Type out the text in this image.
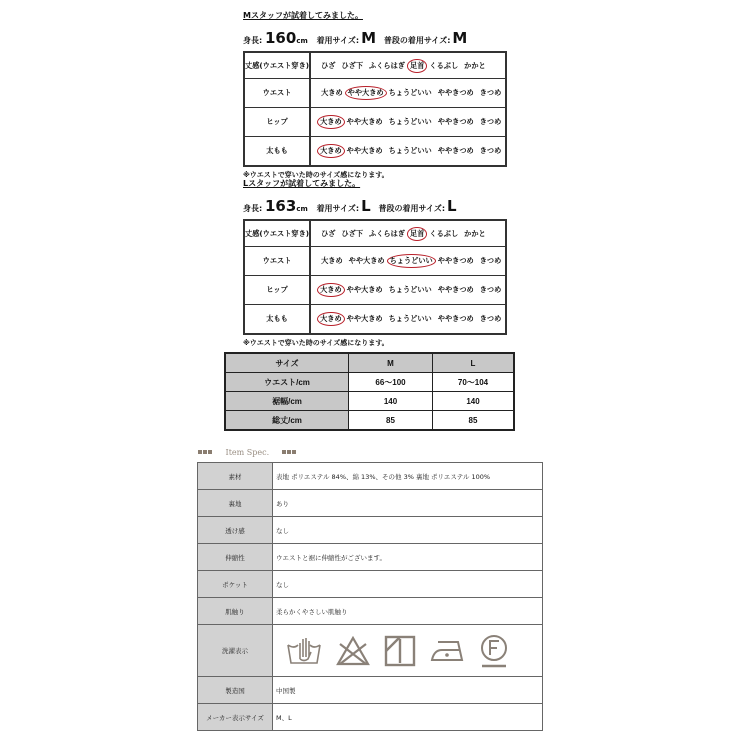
Mスタッフが試着してみました。
身長: 160cm 着用サイズ: M 普段の着用サイズ: M
丈感(ウエスト穿き)	ひざ ひざ下 ふくらはぎ 足首 くるぶし かかと
ウエスト	大きめ やや大きめ ちょうどいい ややきつめ きつめ
ヒップ	大きめ やや大きめ ちょうどいい ややきつめ きつめ
太もも	大きめ やや大きめ ちょうどいい ややきつめ きつめ
※ウエストで穿いた時のサイズ感になります。
Lスタッフが試着してみました。
身長: 163cm 着用サイズ: L 普段の着用サイズ: L
丈感(ウエスト穿き)	ひざ ひざ下 ふくらはぎ 足首 くるぶし かかと
ウエスト	大きめ やや大きめ ちょうどいい ややきつめ きつめ
ヒップ	大きめ やや大きめ ちょうどいい ややきつめ きつめ
太もも	大きめ やや大きめ ちょうどいい ややきつめ きつめ
※ウエストで穿いた時のサイズ感になります。
サイズ	M	L
ウエスト/cm	66〜100	70〜104
裾幅/cm	140	140
総丈/cm	85	85
Item Spec.
素材	表地 ポリエステル 84%、綿 13%、その他 3% 裏地 ポリエステル 100%
裏地	あり
透け感	なし
伸縮性	ウエストと裾に伸縮性がございます。
ポケット	なし
肌触り	柔らかくやさしい肌触り
洗濯表示	

製造国	中国製
メーカー表示サイズ	M、L
